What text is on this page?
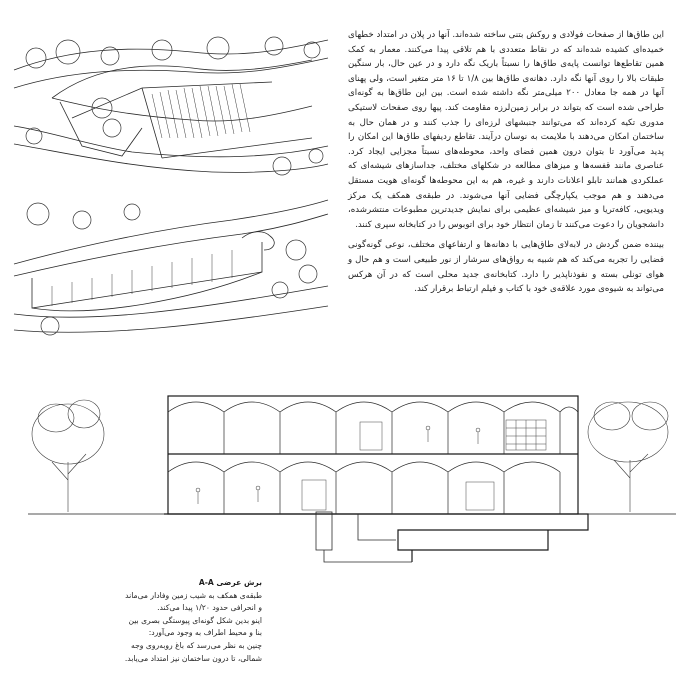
این طاق‌ها از صفحات فولادی و روکش بتنی ساخته شده‌اند. آنها در پلان در امتداد خطهای خمیده‌ای کشیده شده‌اند که در نقاط متعددی با هم تلاقی پیدا می‌کنند. معمار به کمک همین تقاطع‌ها توانست پایه‌ی طاق‌ها را نسبتاً باریک نگه دارد و در عین حال، بار سنگین طبقات بالا را روی آنها نگه دارد. دهانه‌ی طاق‌ها بین ۱/۸ تا ۱۶ متر متغیر است، ولی پهنای آنها در همه جا معادل ۲۰۰ میلی‌متر نگه داشته شده است. بین این طاق‌ها به گونه‌ای طراحی شده است که بتواند در برابر زمین‌لرزه مقاومت کند. پیها روی صفحات لاستیکی مدوری تکیه کرده‌اند که می‌توانند جنبشهای لرزه‌ای را جذب کنند و در همان حال به ساختمان امکان می‌دهند با ملایمت به نوسان درآیند. تقاطع ردیفهای طاق‌ها این امکان را پدید می‌آورد تا بتوان درون همین فضای واحد، محوطه‌های نسبتاً مجزایی ایجاد کرد. عناصری مانند قفسه‌ها و میزهای مطالعه در شکلهای مختلف، جداسازهای شیشه‌ای که عملکردی همانند تابلو اعلانات دارند و غیره، هم به این محوطه‌ها گونه‌ای هویت مستقل می‌دهند و هم موجب یکپارچگی فضایی آنها می‌شوند. در طبقه‌ی همکف یک مرکز ویدیویی، کافه‌تریا و میز شیشه‌ای عظیمی برای نمایش جدیدترین مطبوعات منتشرشده، دانشجویان را دعوت می‌کنند تا زمان انتظار خود برای اتوبوس را در کتابخانه سپری کنند.

بیننده ضمن گردش در لابه‌لای طاق‌هایی با دهانه‌ها و ارتفاعهای مختلف، نوعی گونه‌گونی فضایی را تجربه می‌کند که هم شبیه به رواق‌های سرشار از نور طبیعی است و هم حال و هوای تونلی بسته و نفوذناپذیر را دارد. کتابخانه‌ی جدید محلی است که در آن هرکس می‌تواند به شیوه‌ی مورد علاقه‌ی خود با کتاب و فیلم ارتباط برقرار کند.

برش عرضی A-A
طبقه‌ی همکف به شیب زمین وفادار می‌ماند
و انحرافی حدود ۱/۲۰ پیدا می‌کند.
اینو بدین شکل گونه‌ای پیوستگی بصری بین
بنا و محیط اطراف به وجود می‌آورد:
چنین به نظر می‌رسد که باغ روبه‌روی وجه
شمالی، تا درون ساختمان نیز امتداد می‌یابد.
